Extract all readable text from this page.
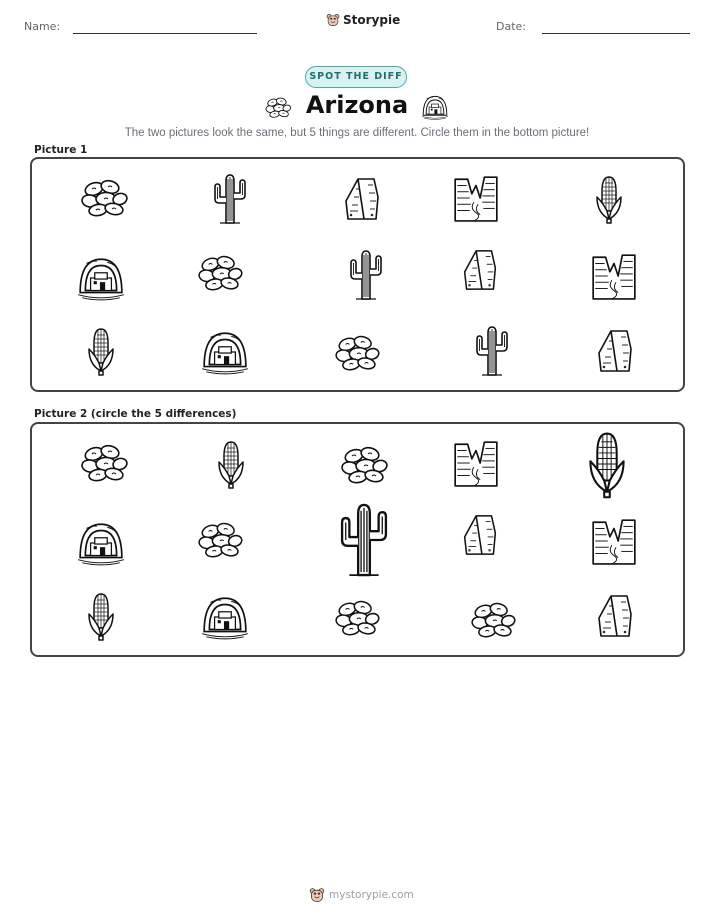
Name:	Storypie	Date:
SPOT THE DIFF
Arizona
The two pictures look the same, but 5 things are different. Circle them in the bottom picture!
Picture 1
Picture 2 (circle the 5 differences)
mystorypie.com
